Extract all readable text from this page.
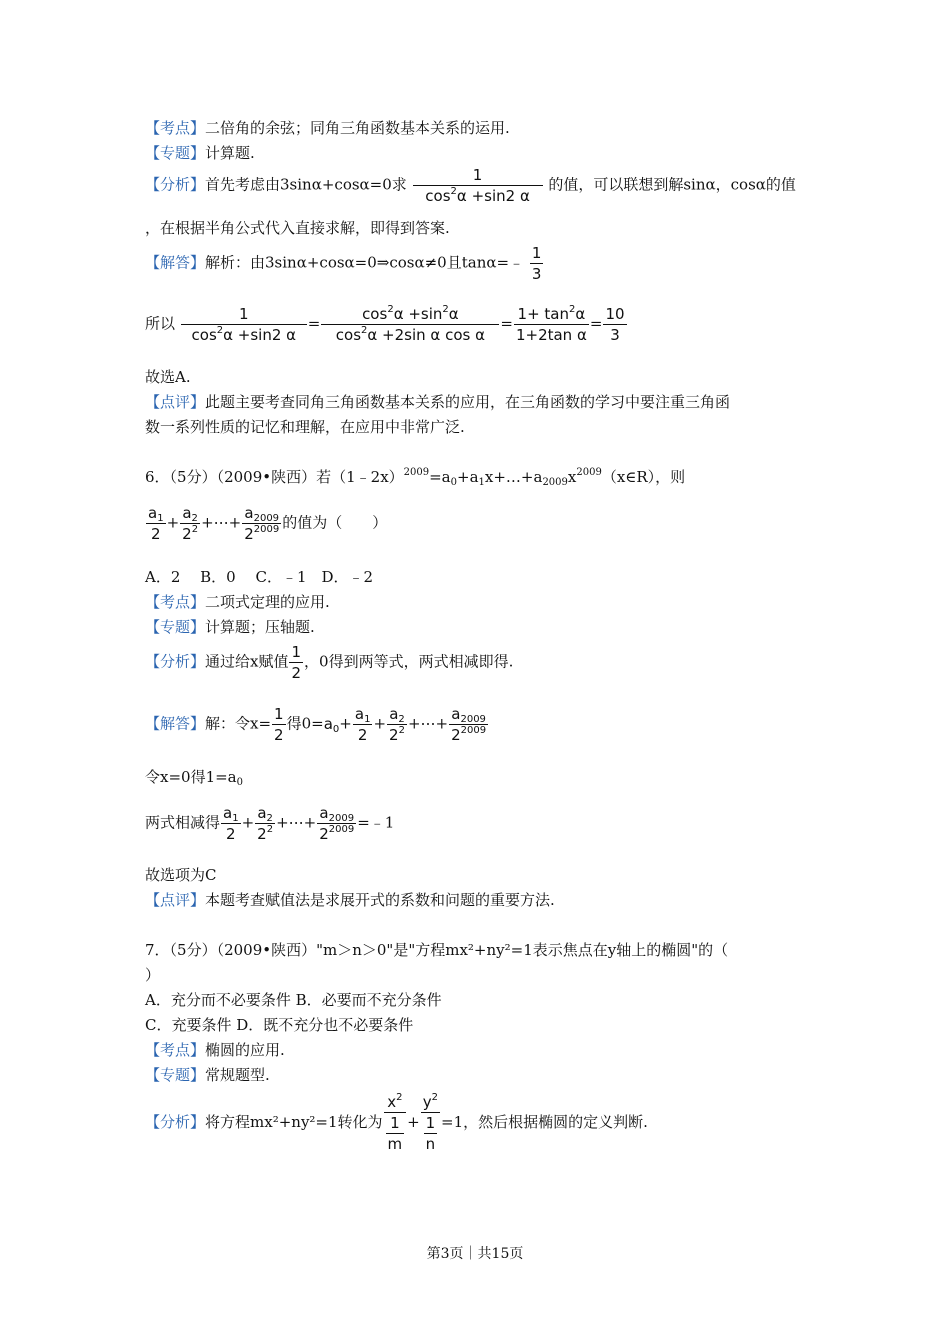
【考点】二倍角的余弦；同角三角函数基本关系的运用.
【专题】计算题.
【分析】首先考虑由3sinα+cosα=0求 $\frac{1}{\cos^2\alpha +\sin 2 \alpha}$ 的值，可以联想到解sinα，cosα的值
，在根据半角公式代入直接求解，即得到答案.
【解答】解析：由3sinα+cosα=0⇒cosα≠0且tanα=﹣ $\frac{1}{3}$
所以 $\frac{1}{\cos^2\alpha +\sin 2 \alpha} = \frac{\cos^2\alpha +\sin^2\alpha}{\cos^2\alpha +2\sin \alpha \cos \alpha} = \frac{1+ \tan^2\alpha}{\text{1+2tan α}} = \frac{10}{3}$
故选A.
【点评】此题主要考查同角三角函数基本关系的应用，在三角函数的学习中要注重三角函
数一系列性质的记忆和理解，在应用中非常广泛.
6．（5分）（2009•陕西）若$(1﹣2x)^{2009}=a_0+a_1x+\dots+a_{2009}x^{2009}(x\in R)$，则
$\frac{a_1}{2} + \frac{a_2}{2^2}$ +⋯+ $\frac{a_{2009}}{2^{2009}}$ 的值为（　　）
A．2　 B．0　 C．﹣1　D．﹣2
【考点】二项式定理的应用.
【专题】计算题；压轴题.
【分析】通过给x赋值 $\frac{1}{2}$ ，0得到两等式，两式相减即得.
【解答】解：令$x= \frac{1}{2}$ 得$0=a_0+ \frac{a_1}{2} + \frac{a_2}{2^2}$ +⋯+ $\frac{a_{2009}}{2^{2009}}$
令x=0得$1=a_0$
两式相减得 $\frac{a_1}{2} + \frac{a_2}{2^2}$ +⋯+ $\frac{a_{2009}}{2^{2009}}$ =﹣1
故选项为C
【点评】本题考查赋值法是求展开式的系数和问题的重要方法.
7．（5分）（2009•陕西）"m＞n＞0"是"方程mx²+ny²=1表示焦点在y轴上的椭圆"的（
）
A．充分而不必要条件 B．必要而不充分条件
C．充要条件 D．既不充分也不必要条件
【考点】椭圆的应用.
【专题】常规题型.
【分析】将方程mx²+ny²=1转化为 $\frac{x^2}{\frac{1}{m}} + \frac{y^2}{\frac{1}{n}} =1$，然后根据椭圆的定义判断.
第3页｜共15页
